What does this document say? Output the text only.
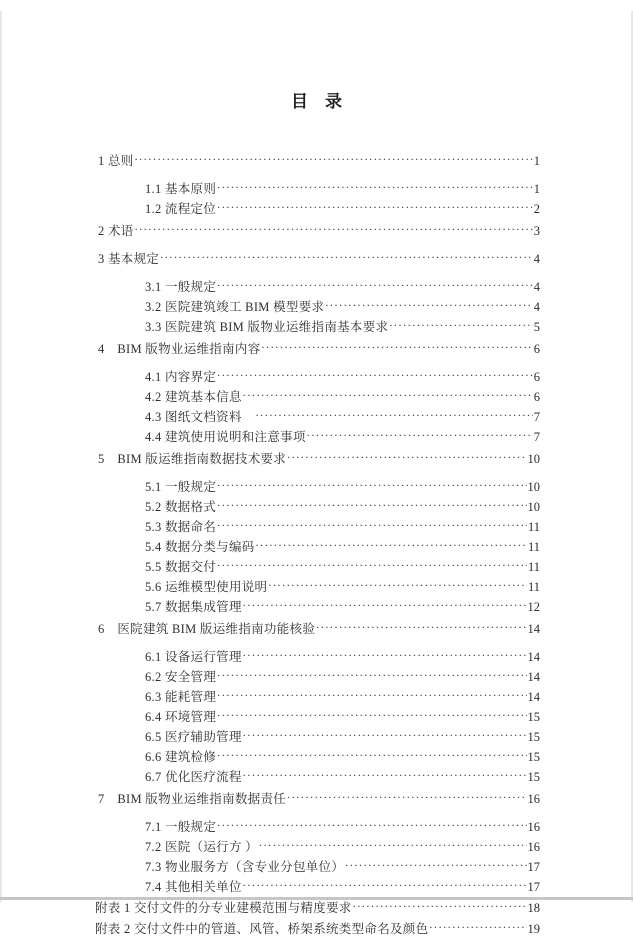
目　录
1 总则 .....	1
1.1 基本原则 .....	1
1.2 流程定位 .....	2
2 术语 .....	3
3 基本规定 .....	4
3.1 一般规定 .....	4
3.2 医院建筑竣工 BIM 模型要求 .....	4
3.3 医院建筑 BIM 版物业运维指南基本要求 .....	5
4　BIM 版物业运维指南内容 .....	6
4.1 内容界定 .....	6
4.2 建筑基本信息 .....	6
4.3 图纸文档资料　 .....	7
4.4 建筑使用说明和注意事项 .....	7
5　BIM 版运维指南数据技术要求 .....	10
5.1 一般规定 .....	10
5.2 数据格式 .....	10
5.3 数据命名 .....	11
5.4 数据分类与编码 .....	11
5.5 数据交付 .....	11
5.6 运维模型使用说明 .....	11
5.7 数据集成管理 .....	12
6　医院建筑 BIM 版运维指南功能核验 .....	14
6.1 设备运行管理 .....	14
6.2 安全管理 .....	14
6.3 能耗管理 .....	14
6.4 环境管理 .....	15
6.5 医疗辅助管理 .....	15
6.6 建筑检修 .....	15
6.7 优化医疗流程 .....	15
7　BIM 版物业运维指南数据责任 .....	16
7.1 一般规定 .....	16
7.2 医院（运行方 ） .....	16
7.3 物业服务方（含专业分包单位） .....	17
7.4 其他相关单位 .....	17
附表 1 交付文件的分专业建模范围与精度要求 .....	18
附表 2 交付文件中的管道、风管、桥架系统类型命名及颜色 .....	19
